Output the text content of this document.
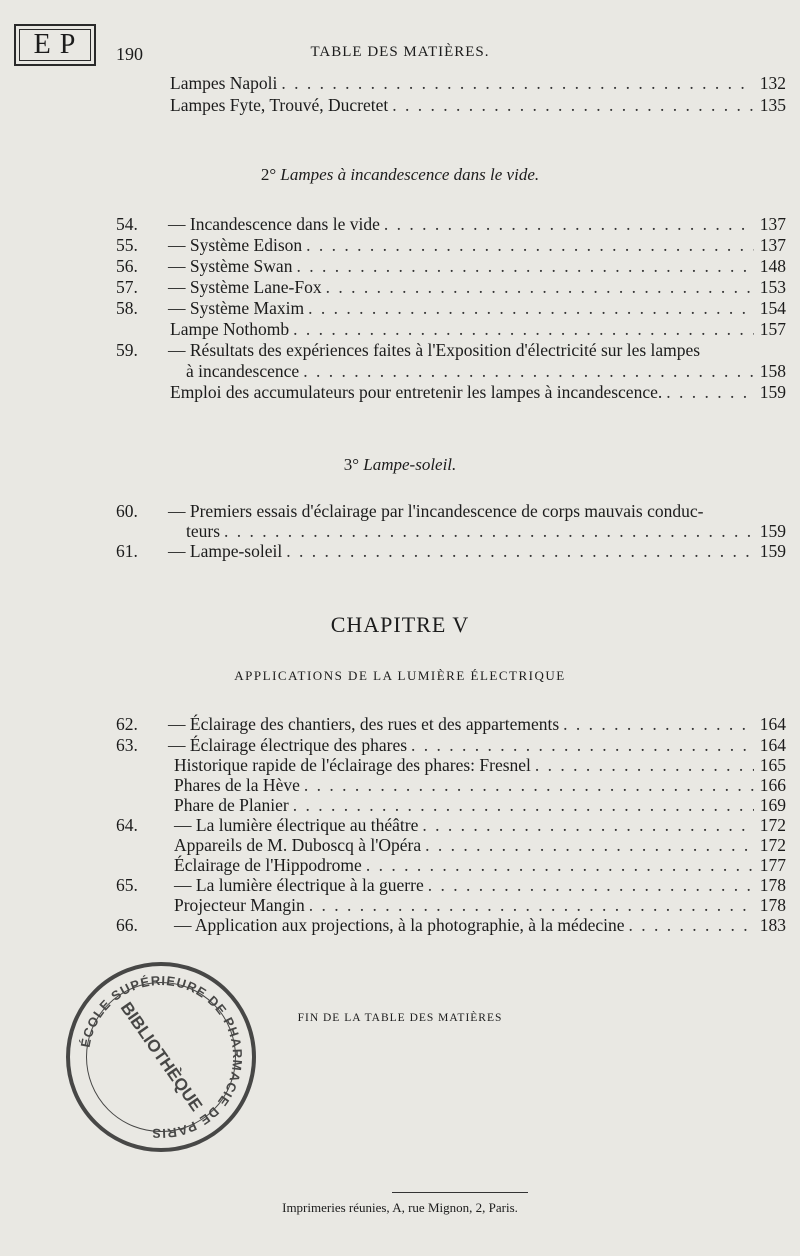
E P 190	TABLE DES MATIÈRES.
Lampes Napoli . . .	132
Lampes Fyte, Trouvé, Ducretet . . .	135
2° Lampes à incandescence dans le vide.
54.	— Incandescence dans le vide . . .	137
55.	— Système Edison . . .	137
56.	— Système Swan . . .	148
57.	— Système Lane-Fox . . .	153
58.	— Système Maxim . . .	154
Lampe Nothomb . . .	157
59. — Résultats des expériences faites à l'Exposition d'électricité sur les lampes
à incandescence . . .	158
Emploi des accumulateurs pour entretenir les lampes à incandescence. . . .	159
3° Lampe-soleil.
60. — Premiers essais d'éclairage par l'incandescence de corps mauvais conduc-
teurs . . .	159
61.	— Lampe-soleil . . .	159
CHAPITRE V
APPLICATIONS DE LA LUMIÈRE ÉLECTRIQUE
62.	— Éclairage des chantiers, des rues et des appartements . . .	164
63.	— Éclairage électrique des phares . . .	164
Historique rapide de l'éclairage des phares: Fresnel . . .	165
Phares de la Hève . . .	166
Phare de Planier . . .	169
64.	— La lumière électrique au théâtre . . .	172
Appareils de M. Duboscq à l'Opéra . . .	172
Éclairage de l'Hippodrome . . .	177
65.	— La lumière électrique à la guerre . . .	178
Projecteur Mangin . . .	178
66.	— Application aux projections, à la photographie, à la médecine . . .	183
ÉCOLE SUPÉRIEURE DE PHARMACIE DE PARIS
BIBLIOTHÈQUE	FIN DE LA TABLE DES MATIÈRES
Imprimeries réunies, A, rue Mignon, 2, Paris.
